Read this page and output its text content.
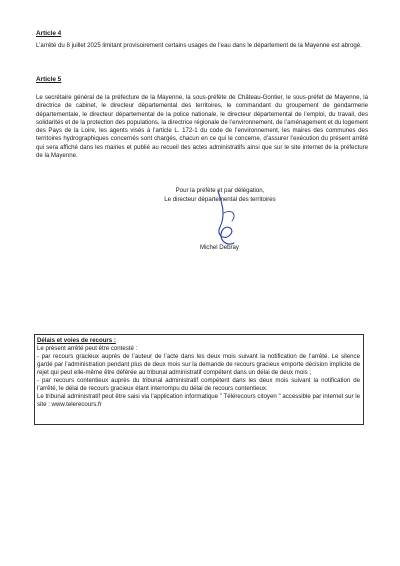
Article 4

L’arrêté du 8 juillet 2025 limitant provisoirement certains usages de l’eau dans le département de la Mayenne est abrogé.

Article 5

Le secrétaire général de la préfecture de la Mayenne, la sous-préfète de Château-Gontier, le sous-préfet de Mayenne, la directrice de cabinet, le directeur départemental des territoires, le commandant du groupement de gendarmerie départementale, le directeur départemental de la police nationale, le directeur départemental de l’emploi, du travail, des solidarités et de la protection des populations, la directrice régionale de l’environnement, de l’aménagement et du logement des Pays de la Loire, les agents visés à l’article L. 172-1 du code de l’environnement, les maires des communes des territoires hydrographiques concernés sont chargés, chacun en ce qui le concerne, d’assurer l’exécution du présent arrêté qui sera affiché dans les mairies et publié au recueil des actes administratifs ainsi que sur le site internet de la préfecture de la Mayenne.

Pour la préfète et par délégation,
Le directeur départemental des territoires
Michel Debray
Délais et voies de recours :

Le présent arrêté peut être contesté :

- par recours gracieux auprès de l’auteur de l’acte dans les deux mois suivant la notification de l’arrêté. Le silence gardé par l’administration pendant plus de deux mois sur la demande de recours gracieux emporte décision implicite de rejet qui peut elle-même être déférée au tribunal administratif compétent dans un délai de deux mois ;

- par recours contentieux auprès du tribunal administratif compétent dans les deux mois suivant la notification de l’arrêté, le délai de recours gracieux étant interrompu du délai de recours contentieux.

Le tribunal administratif peut être saisi via l’application informatique " Télérecours citoyen " accessible par internet sur le site : www.telerecours.fr
